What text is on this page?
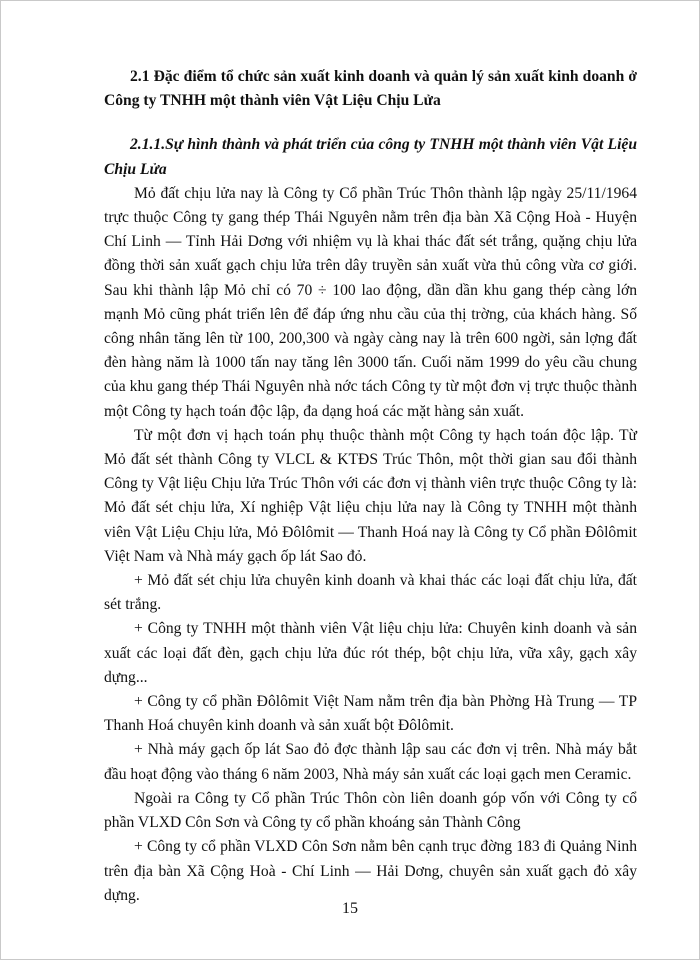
2.1 Đặc điểm tổ chức sản xuất kinh doanh và quản lý sản xuất kinh doanh ở Công ty TNHH một thành viên Vật Liệu Chịu Lửa

2.1.1.Sự hình thành và phát triển của công ty TNHH một thành viên Vật Liệu Chịu Lửa

Mỏ đất chịu lửa nay là Công ty Cổ phần Trúc Thôn thành lập ngày 25/11/1964 trực thuộc Công ty gang thép Thái Nguyên nằm trên địa bàn Xã Cộng Hoà - Huyện Chí Linh — Tỉnh Hải Dơng với nhiệm vụ là khai thác đất sét trắng, quặng chịu lửa đồng thời sản xuất gạch chịu lửa trên dây truyền sản xuất vừa thủ công vừa cơ giới. Sau khi thành lập Mỏ chỉ có 70 ÷ 100 lao động, dần dần khu gang thép càng lớn mạnh Mỏ cũng phát triển lên để đáp ứng nhu cầu của thị trờng, của khách hàng. Số công nhân tăng lên từ 100, 200,300 và ngày càng nay là trên 600 ngời, sản lợng đất đèn hàng năm là 1000 tấn nay tăng lên 3000 tấn. Cuối năm 1999 do yêu cầu chung của khu gang thép Thái Nguyên nhà nớc tách Công ty từ một đơn vị trực thuộc thành một Công ty hạch toán độc lập, đa dạng hoá các mặt hàng sản xuất.

Từ một đơn vị hạch toán phụ thuộc thành một Công ty hạch toán độc lập. Từ Mỏ đất sét thành Công ty VLCL & KTĐS Trúc Thôn, một thời gian sau đổi thành Công ty Vật liệu Chịu lửa Trúc Thôn với các đơn vị thành viên trực thuộc Công ty là: Mỏ đất sét chịu lửa, Xí nghiệp Vật liệu chịu lửa nay là Công ty TNHH một thành viên Vật Liệu Chịu lửa, Mỏ Đôlômit — Thanh Hoá nay là Công ty Cổ phần Đôlômit Việt Nam và Nhà máy gạch ốp lát Sao đỏ.

+ Mỏ đất sét chịu lửa chuyên kinh doanh và khai thác các loại đất chịu lửa, đất sét trắng.

+ Công ty TNHH một thành viên Vật liệu chịu lửa: Chuyên kinh doanh và sản xuất các loại đất đèn, gạch chịu lửa đúc rót thép, bột chịu lửa, vữa xây, gạch xây dựng...

+ Công ty cổ phần Đôlômit Việt Nam nằm trên địa bàn Phờng Hà Trung — TP Thanh Hoá chuyên kinh doanh và sản xuất bột Đôlômit.

+ Nhà máy gạch ốp lát Sao đỏ đợc thành lập sau các đơn vị trên. Nhà máy bắt đầu hoạt động vào tháng 6 năm 2003, Nhà máy sản xuất các loại gạch men Ceramic.

Ngoài ra Công ty Cổ phần Trúc Thôn còn liên doanh góp vốn với Công ty cổ phần VLXD Côn Sơn và Công ty cổ phần khoáng sản Thành Công

+ Công ty cổ phần VLXD Côn Sơn nằm bên cạnh trục đờng 183 đi Quảng Ninh trên địa bàn Xã Cộng Hoà - Chí Linh — Hải Dơng, chuyên sản xuất gạch đỏ xây dựng.

15
